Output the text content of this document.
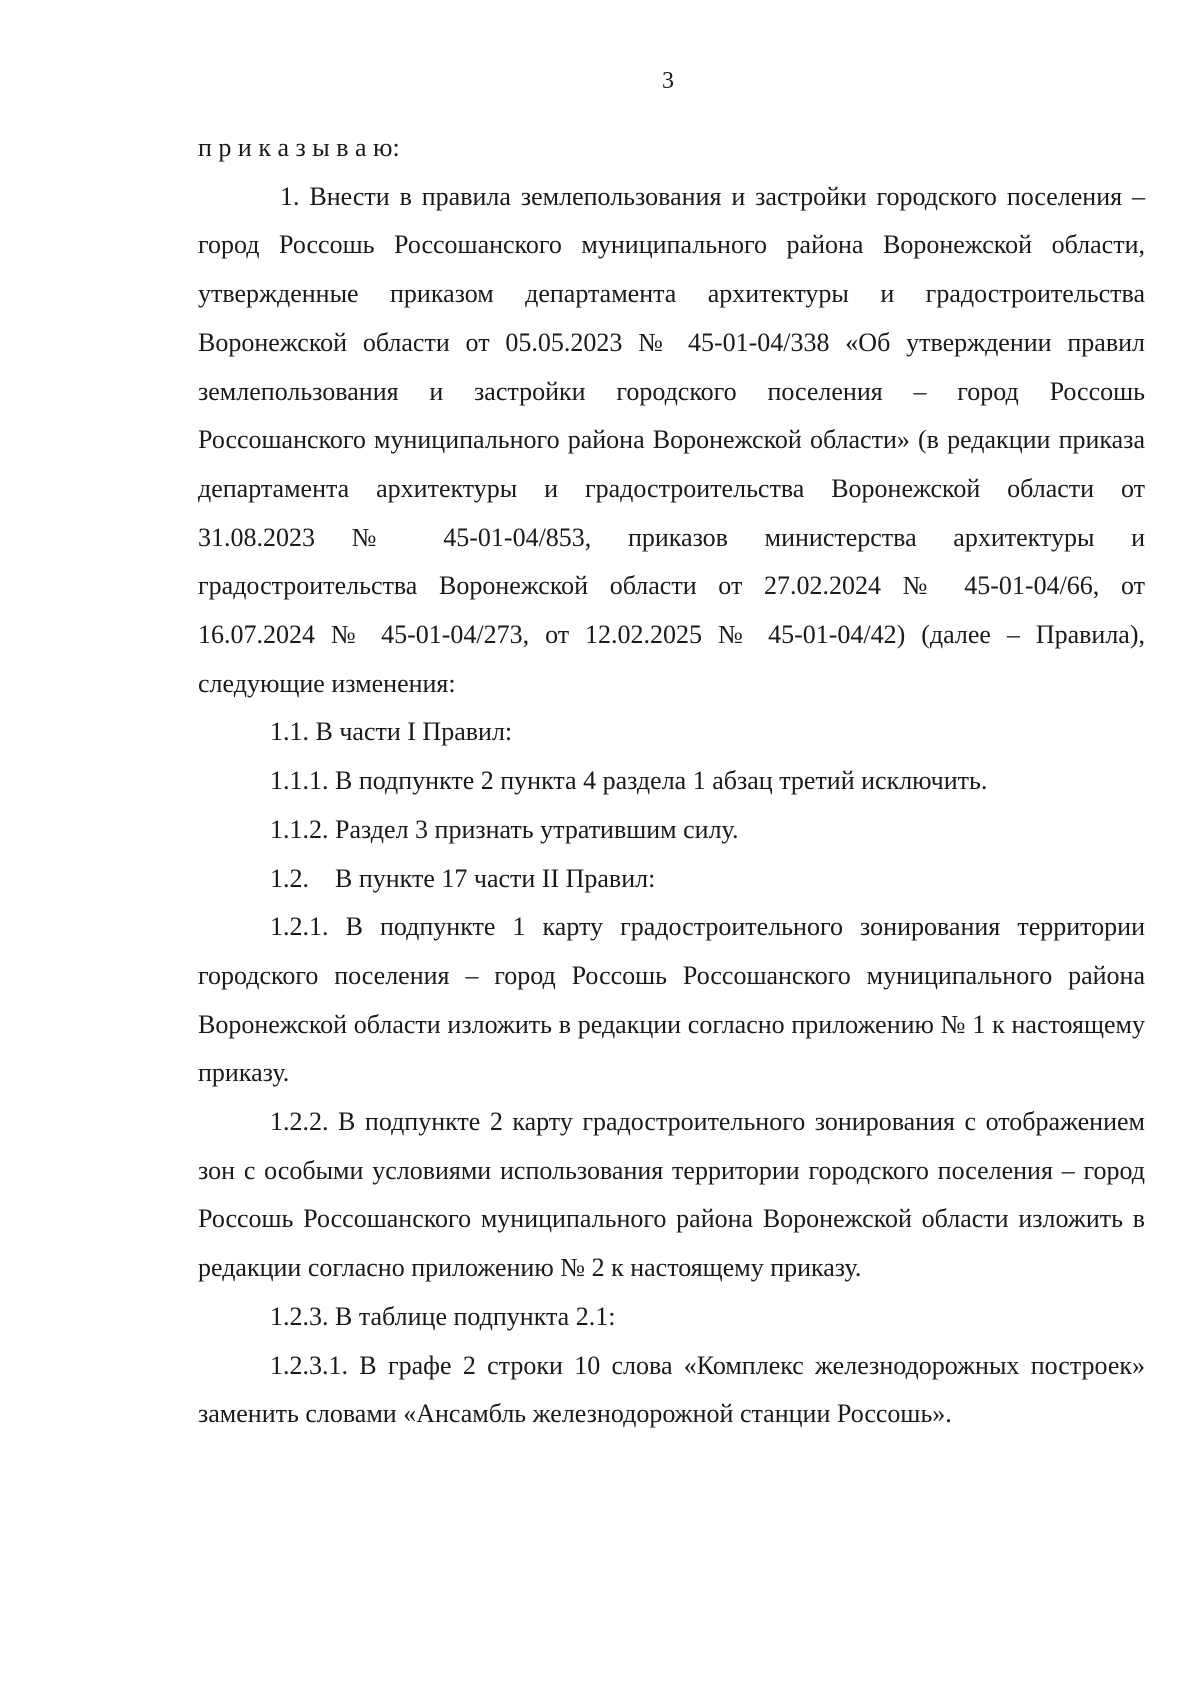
3

п р и к а з ы в а ю:

1. Внести в правила землепользования и застройки городского поселения – город Россошь Россошанского муниципального района Воронежской области, утвержденные приказом департамента архитектуры и градостроительства Воронежской области от 05.05.2023 № 45-01-04/338 «Об утверждении правил землепользования и застройки городского поселения – город Россошь Россошанского муниципального района Воронежской области» (в редакции приказа департамента архитектуры и градостроительства Воронежской области от 31.08.2023 № 45-01-04/853, приказов министерства архитектуры и градостроительства Воронежской области от 27.02.2024 № 45-01-04/66, от 16.07.2024 № 45-01-04/273, от 12.02.2025 № 45-01-04/42) (далее – Правила), следующие изменения:

1.1. В части I Правил:

1.1.1. В подпункте 2 пункта 4 раздела 1 абзац третий исключить.

1.1.2. Раздел 3 признать утратившим силу.

1.2.    В пункте 17 части II Правил:

1.2.1. В подпункте 1 карту градостроительного зонирования территории городского поселения – город Россошь Россошанского муниципального района Воронежской области изложить в редакции согласно приложению № 1 к настоящему приказу.

1.2.2. В подпункте 2 карту градостроительного зонирования с отображением зон с особыми условиями использования территории городского поселения – город Россошь Россошанского муниципального района Воронежской области изложить в редакции согласно приложению № 2 к настоящему приказу.

1.2.3. В таблице подпункта 2.1:

1.2.3.1. В графе 2 строки 10 слова «Комплекс железнодорожных построек» заменить словами «Ансамбль железнодорожной станции Россошь».
